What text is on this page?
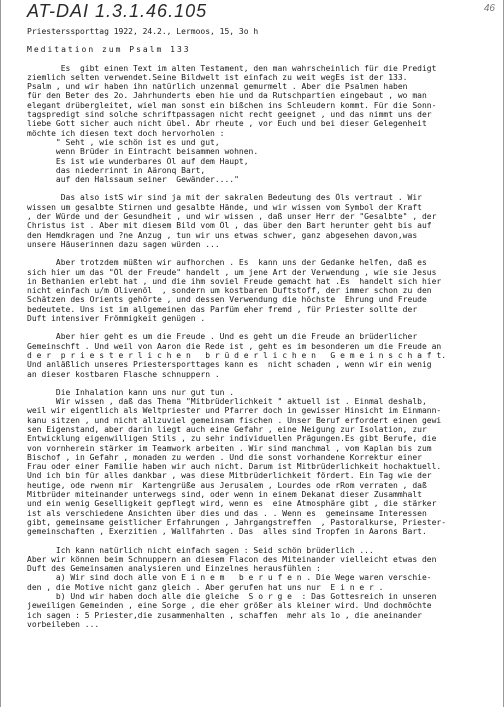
AT-DAI 1.3.1.46.105	46
Priesterssporttag 1922, 24.2., Lermoos, 15, 3o h
Meditation zum Psalm 133
Es  gibt einen Text im alten Testament, den man wahrscheinlich für die Predigt
ziemlich selten verwendet.Seine Bildwelt ist einfach zu weit wegEs ist der 133.
Psalm , und wir haben ihn natürlich unzenmal gemurmelt . Aber die Psalmen haben
für den Beter des 2o. Jahrhunderts eben hie und da Rutschpartien eingebaut , wo man
elegant drübergleitet, wiel man sonst ein bißchen ins Schleudern kommt. Für die Sonn-
tagspredigt sind solche schriftpassagen nicht recht geeignet , und das nimmt uns der
liebe Gott sicher auch nicht übel. Abr rheute , vor Euch und bei dieser Gelegenheit
möchte ich diesen text doch hervorholen :
" Seht , wie schön ist es und gut,
wenn Brüder in Eintracht beisammen wohnen.
Es ist wie wunderbares Öl auf dem Haupt,
das niederrinnt in Aäronq Bart,
auf den Halssaum seiner  Gewänder...."
Das also istS wir sind ja mit der sakralen Bedeutung des Öls vertraut . Wir
wissen um gesalbte Stirnen und gesalbte Hände, und wir wissen vom Symbol der Kraft
, der Würde und der Gesundheit , und wir wissen , daß unser Herr der "Gesalbte" , der
Christus ist . Aber mit diesem Bild vom Öl , das über den Bart herunter geht bis auf
den Hemdkragen und ?ne Anzug , tun wir uns etwas schwer, ganz abgesehen davon,was
unsere Häuserinnen dazu sagen würden ...
Aber trotzdem müßten wir aufhorchen . Es  kann uns der Gedanke helfen, daß es
sich hier um das "Öl der Freude" handelt , um jene Art der Verwendung , wie sie Jesus
in Bethanien erlebt hat , und die ihm soviel Freude gemacht hat .Es  handelt sich hier
nicht einfach u/m Olivenöl  , sondern um kostbaren Duftstoff, der immer schon zu den
Schätzen des Orients gehörte , und dessen Verwendung die höchste  Ehrung und Freude
bedeutete. Uns ist im allgemeinen das Parfüm eher fremd , für Priester sollte der
Duft intensiver Frömmigkeit genügen .
Aber hier geht es um die Freude . Und es geht um die Freude an brüderlicher
Gemeinschft . Und weil von Aaron die Rede ist , geht es im besonderen um die Freude an
d e r  p r i e s t e r l i c h e n   b r ü d e r l i c h e n   G e m e i n s c h a f t.
Und anläßlich unseres Priestersporttages kann es  nicht schaden , wenn wir ein wenig
an dieser kostbaren Flasche schnuppern .
Die Inhalation kann uns nur gut tun .
Wir wissen , daß das Thema "Mitbrüderlichkeit " aktuell ist . Einmal deshalb,
weil wir eigentlich als Weltpriester und Pfarrer doch in gewisser Hinsicht im Einmann-
kanu sitzen , und nicht allzuviel gemeinsam fischen . Unser Beruf erfordert einen gewi
sen Eigenstand, aber darin liegt auch eine Gefahr , eine Neigung zur Isolation, zur
Entwicklung eigenwilligen Stils , zu sehr individuellen Prägungen.Es gibt Berufe, die
von vornherein stärker im Teamwork arbeiten . Wir sind manchmal , vom Kaplan bis zum
Bischof , in Gefahr , monaden zu werden . Und die sonst vorhandene Korrektur einer
Frau oder einer Familie haben wir auch nicht. Darum ist Mitbrüderlichkeit hochaktuell.
Und ich bin für alles dankbar , was diese Mitbrüderlichkeit fördert. Ein Tag wie der
heutige, ode rwenn mir  Kartengrüße aus Jerusalem , Lourdes ode rRom verraten , daß
Mitbrüder miteinander unterwegs sind, oder wenn in einem Dekanat dieser Zusammhalt
und ein wenig Geselligkeit gepflegt wird, wenn es  eine Atmosphäre gibt , die stärker
ist als verschiedene Ansichten über dies und das . . Wenn es  gemeinsame Interessen
gibt, gemeinsame geistlicher Erfahrungen , Jahrgangstreffen  , Pastoralkurse, Priester-
gemeinschaften , Exerzitien , Wallfahrten . Das  alles sind Tropfen in Aarons Bart.
Ich kann natürlich nicht einfach sagen : Seid schön brüderlich ...
Aber wir können beim Schnuppern an diesem Flacon des Miteinander vielleicht etwas den
Duft des Gemeinsamen analysieren und Einzelnes herausfühlen :
a) Wir sind doch alle von E i n e m   b e r u f e n . Die Wege waren verschie-
den , die Motive nicht ganz gleich . Aber gerufen hat uns nur  E i n e r .
b) Und wir haben doch alle die gleiche  S o r g e  : Das Gottesreich in unseren
jeweiligen Gemeinden , eine Sorge , die eher größer als kleiner wird. Und dochmöchte
ich sagen : 5 Priester,die zusammenhalten , schaffen  mehr als 1o , die aneinander
vorbeileben ...
